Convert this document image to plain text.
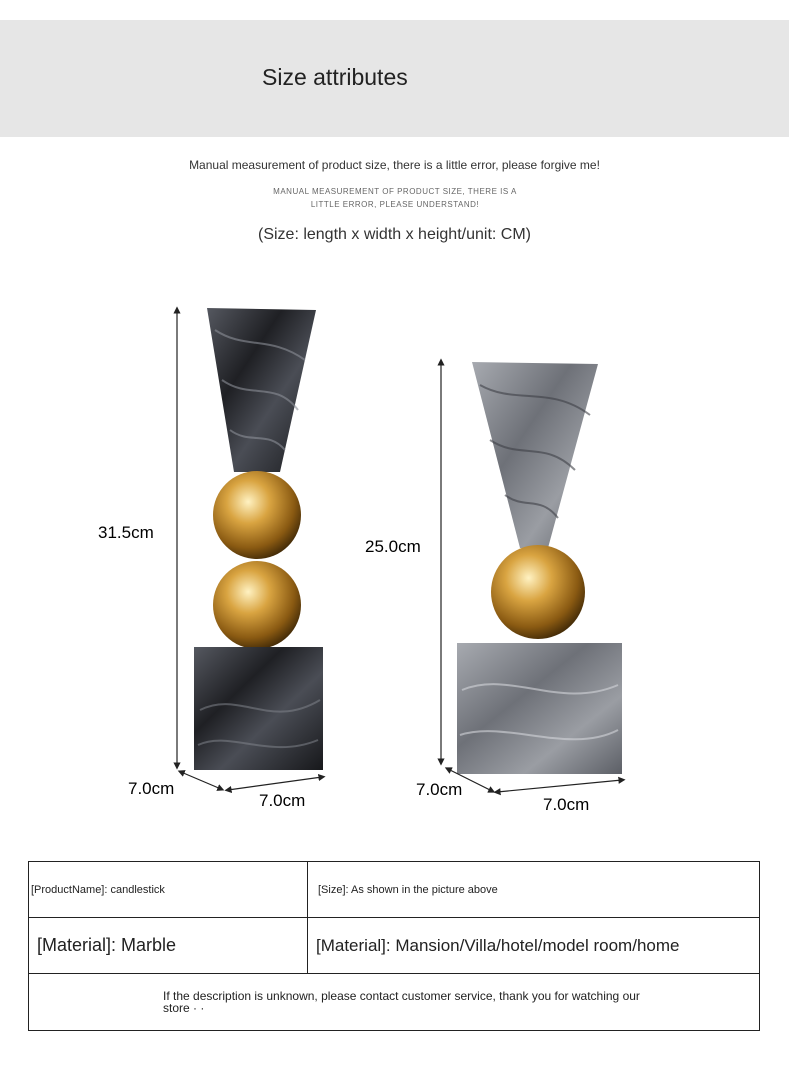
Size attributes
Manual measurement of product size, there is a little error, please forgive me!
MANUAL MEASUREMENT OF PRODUCT SIZE, THERE IS A LITTLE ERROR, PLEASE UNDERSTAND!
(Size: length x width x height/unit: CM)
31.5cm
7.0cm
7.0cm
25.0cm
7.0cm
7.0cm
[ProductName]: candlestick	[Size]: As shown in the picture above
[Material]: Marble	[Material]: Mansion/Villa/hotel/model room/home

If the description is unknown, please contact customer service, thank you for watching our store · ·	
